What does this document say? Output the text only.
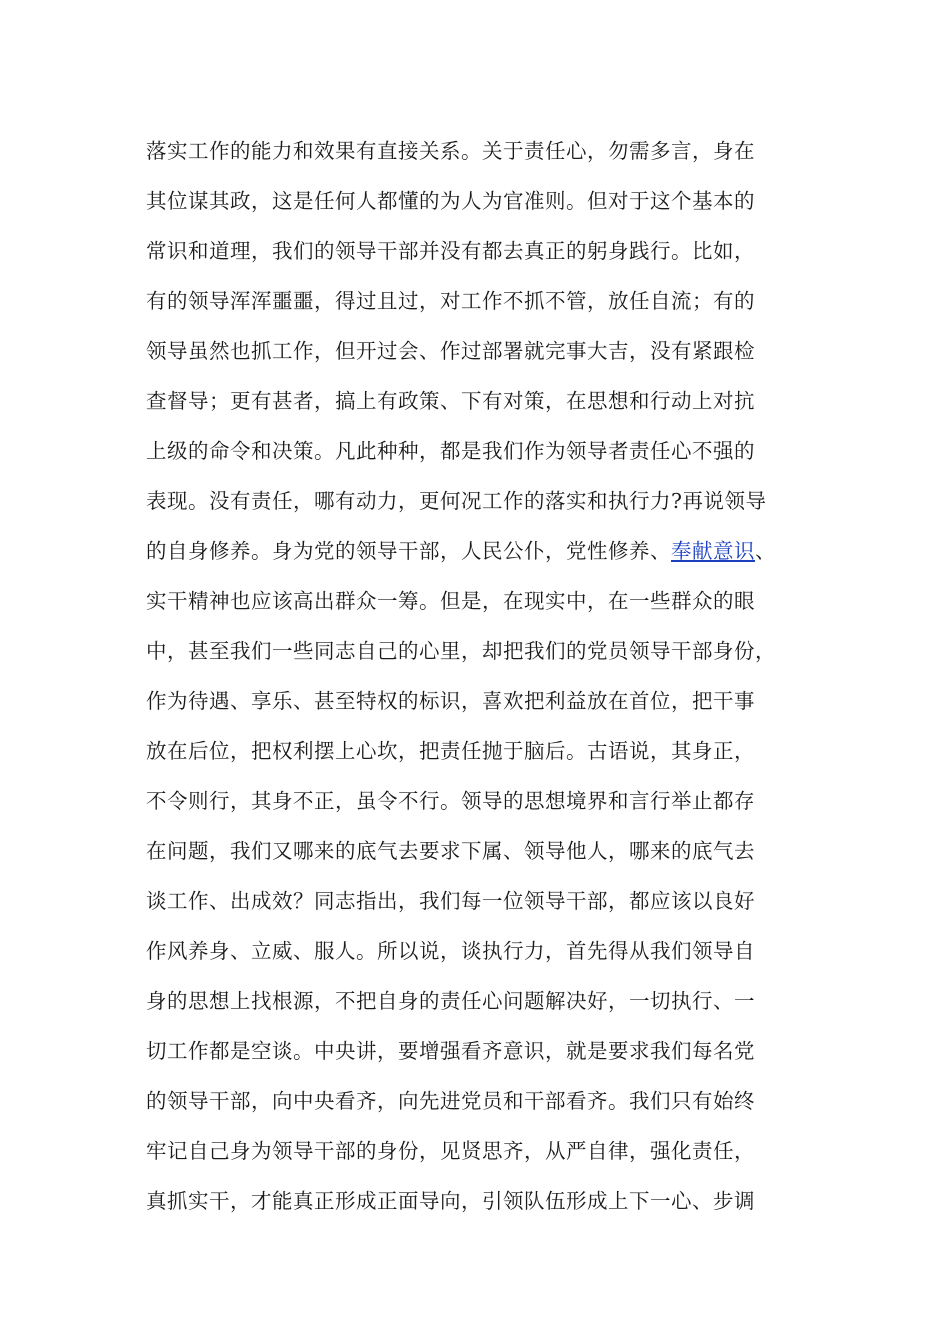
落实工作的能力和效果有直接关系。关于责任心，勿需多言，身在
其位谋其政，这是任何人都懂的为人为官准则。但对于这个基本的
常识和道理，我们的领导干部并没有都去真正的躬身践行。比如，
有的领导浑浑噩噩，得过且过，对工作不抓不管，放任自流；有的
领导虽然也抓工作，但开过会、作过部署就完事大吉，没有紧跟检
查督导；更有甚者，搞上有政策、下有对策，在思想和行动上对抗
上级的命令和决策。凡此种种，都是我们作为领导者责任心不强的
表现。没有责任，哪有动力，更何况工作的落实和执行力?再说领导
的自身修养。身为党的领导干部，人民公仆，党性修养、奉献意识、
实干精神也应该高出群众一筹。但是，在现实中，在一些群众的眼
中，甚至我们一些同志自己的心里，却把我们的党员领导干部身份，
作为待遇、享乐、甚至特权的标识，喜欢把利益放在首位，把干事
放在后位，把权利摆上心坎，把责任抛于脑后。古语说，其身正，
不令则行，其身不正，虽令不行。领导的思想境界和言行举止都存
在问题，我们又哪来的底气去要求下属、领导他人，哪来的底气去
谈工作、出成效？同志指出，我们每一位领导干部，都应该以良好
作风养身、立威、服人。所以说，谈执行力，首先得从我们领导自
身的思想上找根源，不把自身的责任心问题解决好，一切执行、一
切工作都是空谈。中央讲，要增强看齐意识，就是要求我们每名党
的领导干部，向中央看齐，向先进党员和干部看齐。我们只有始终
牢记自己身为领导干部的身份，见贤思齐，从严自律，强化责任，
真抓实干，才能真正形成正面导向，引领队伍形成上下一心、步调
